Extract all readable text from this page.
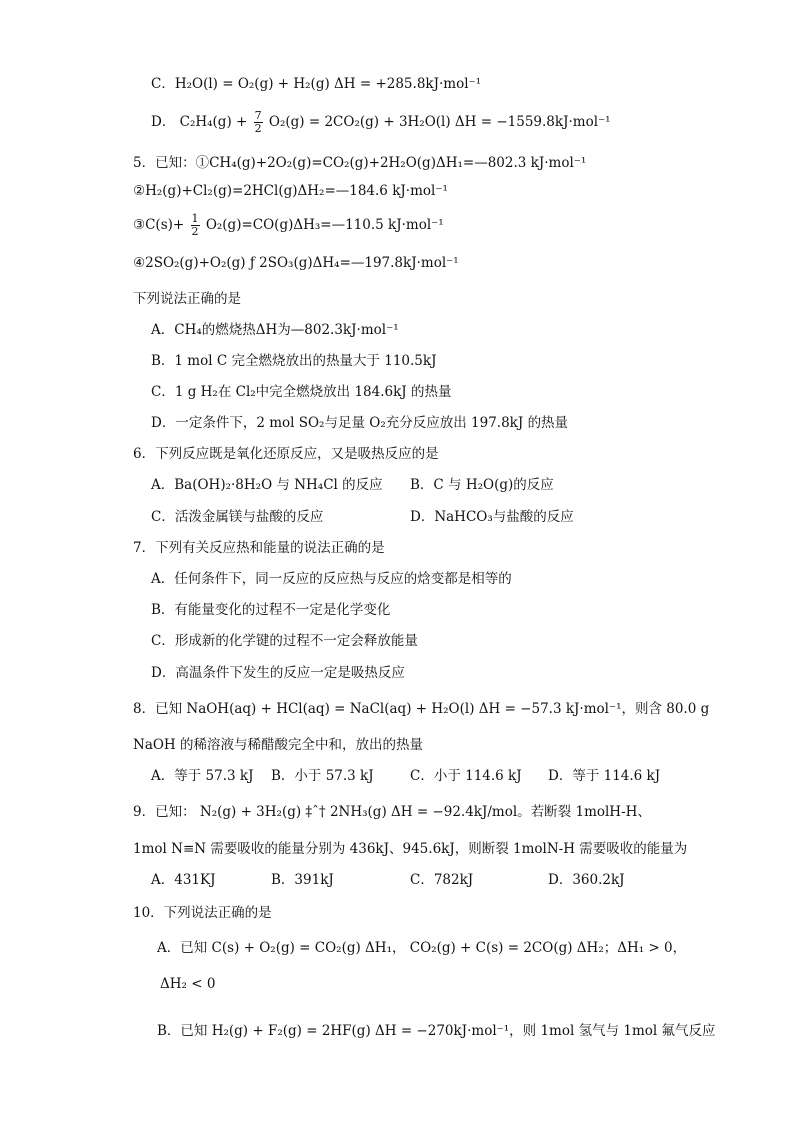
C．H₂O(l) = O₂(g) + H₂(g) ΔH = +285.8kJ·mol⁻¹
D． $C_2H_4(g) + \frac{7}{2} O_2(g) = 2CO_2(g) + 3H_2O(l) \Delta H = -1559.8kJ\cdot mol^{-1}$
5．已知：①CH₄(g)+2O₂(g)=CO₂(g)+2H₂O(g)ΔH₁=—802.3 kJ·mol⁻¹
②H₂(g)+Cl₂(g)=2HCl(g)ΔH₂=—184.6 kJ·mol⁻¹
③C(s)+ $\frac{1}{2}$ O₂(g)=CO(g)ΔH₃=—110.5 kJ·mol⁻¹
④2SO₂(g)+O₂(g) ƒ 2SO₃(g)ΔH₄=—197.8kJ·mol⁻¹
下列说法正确的是
A．CH₄的燃烧热ΔH为—802.3kJ·mol⁻¹
B．1 mol C 完全燃烧放出的热量大于 110.5kJ
C．1 g H₂在 Cl₂中完全燃烧放出 184.6kJ 的热量
D．一定条件下，2 mol SO₂与足量 O₂充分反应放出 197.8kJ 的热量
6．下列反应既是氧化还原反应，又是吸热反应的是
A．Ba(OH)₂·8H₂O 与 NH₄Cl 的反应 B．C 与 H₂O(g)的反应
C．活泼金属镁与盐酸的反应	D．NaHCO₃与盐酸的反应
7．下列有关反应热和能量的说法正确的是
A．任何条件下，同一反应的反应热与反应的焓变都是相等的
B．有能量变化的过程不一定是化学变化
C．形成新的化学键的过程不一定会释放能量
D．高温条件下发生的反应一定是吸热反应
8．已知 NaOH(aq) + HCl(aq) = NaCl(aq) + H₂O(l) ΔH = −57.3 kJ·mol⁻¹，则含 80.0 g
NaOH 的稀溶液与稀醋酸完全中和，放出的热量
A．等于 57.3 kJ B．小于 57.3 kJ	C．小于 114.6 kJ D．等于 114.6 kJ
9．已知： N₂(g) + 3H₂(g) ‡ˆ† 2NH₃(g) ΔH = −92.4kJ/mol。若断裂 1molH-H、
1mol N≡N 需要吸收的能量分别为 436kJ、945.6kJ，则断裂 1molN-H 需要吸收的能量为
A．431KJ	B．391kJ	C．782kJ	D．360.2kJ
10．下列说法正确的是
A．已知 C(s) + O₂(g) = CO₂(g) ΔH₁， CO₂(g) + C(s) = 2CO(g) ΔH₂；ΔH₁ > 0，
ΔH₂ < 0
B．已知 H₂(g) + F₂(g) = 2HF(g) ΔH = −270kJ·mol⁻¹，则 1mol 氢气与 1mol 氟气反应
